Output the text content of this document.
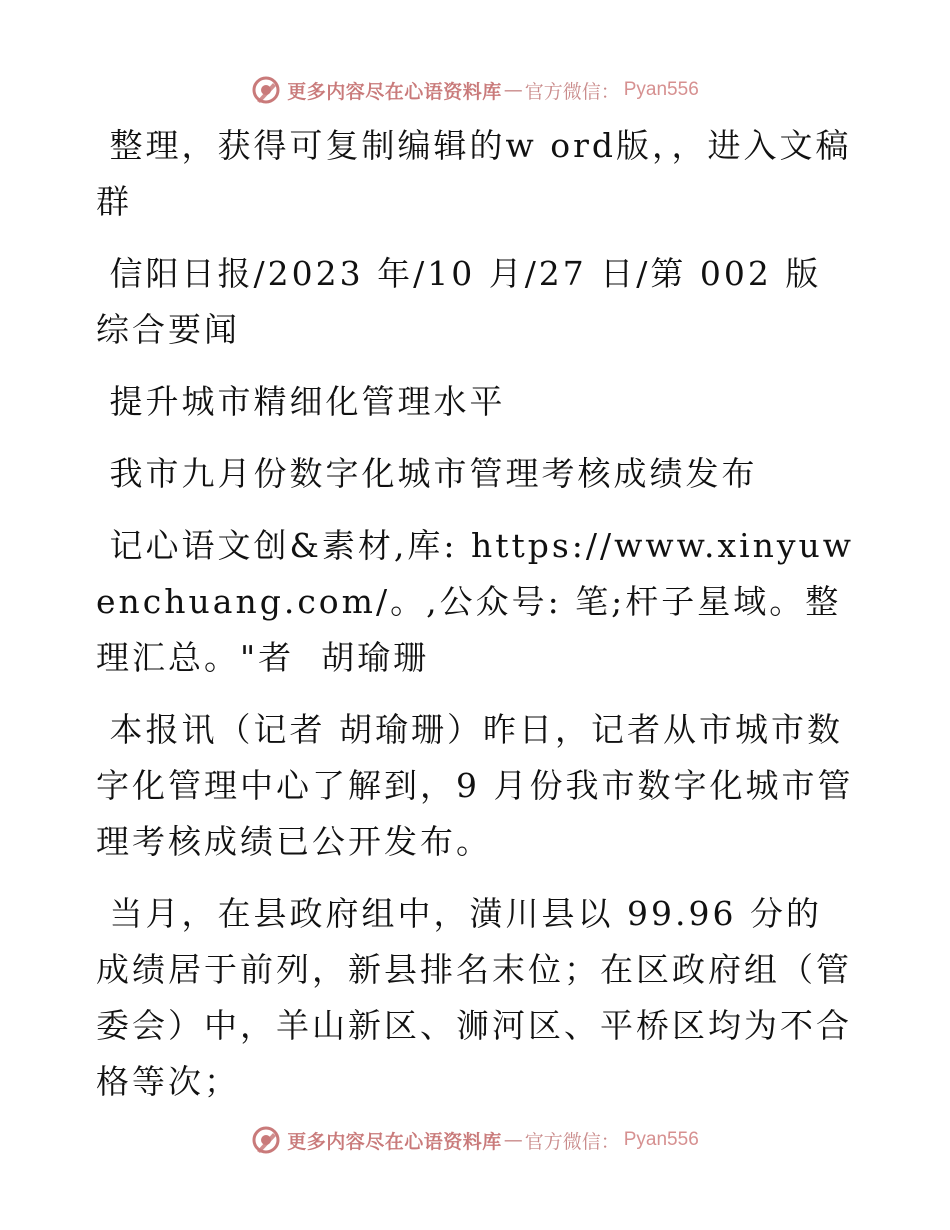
更多内容尽在心语资料库 — 官方微信： Pyan556

整理，获得可复制编辑的w ord版，，进入文稿群

信阳日报/2023 年/10 月/27 日/第 002 版综合要闻

提升城市精细化管理水平

我市九月份数字化城市管理考核成绩发布

记心语文创&素材,库: https://www.xinyuwenchuang.com/。,公众号: 笔;杆子星域。整理汇总。"者  胡瑜珊

本报讯（记者 胡瑜珊）昨日，记者从市城市数字化管理中心了解到，9 月份我市数字化城市管理考核成绩已公开发布。

当月，在县政府组中，潢川县以 99.96 分的成绩居于前列，新县排名末位；在区政府组（管委会）中，羊山新区、浉河区、平桥区均为不合格等次；

更多内容尽在心语资料库 — 官方微信： Pyan556
